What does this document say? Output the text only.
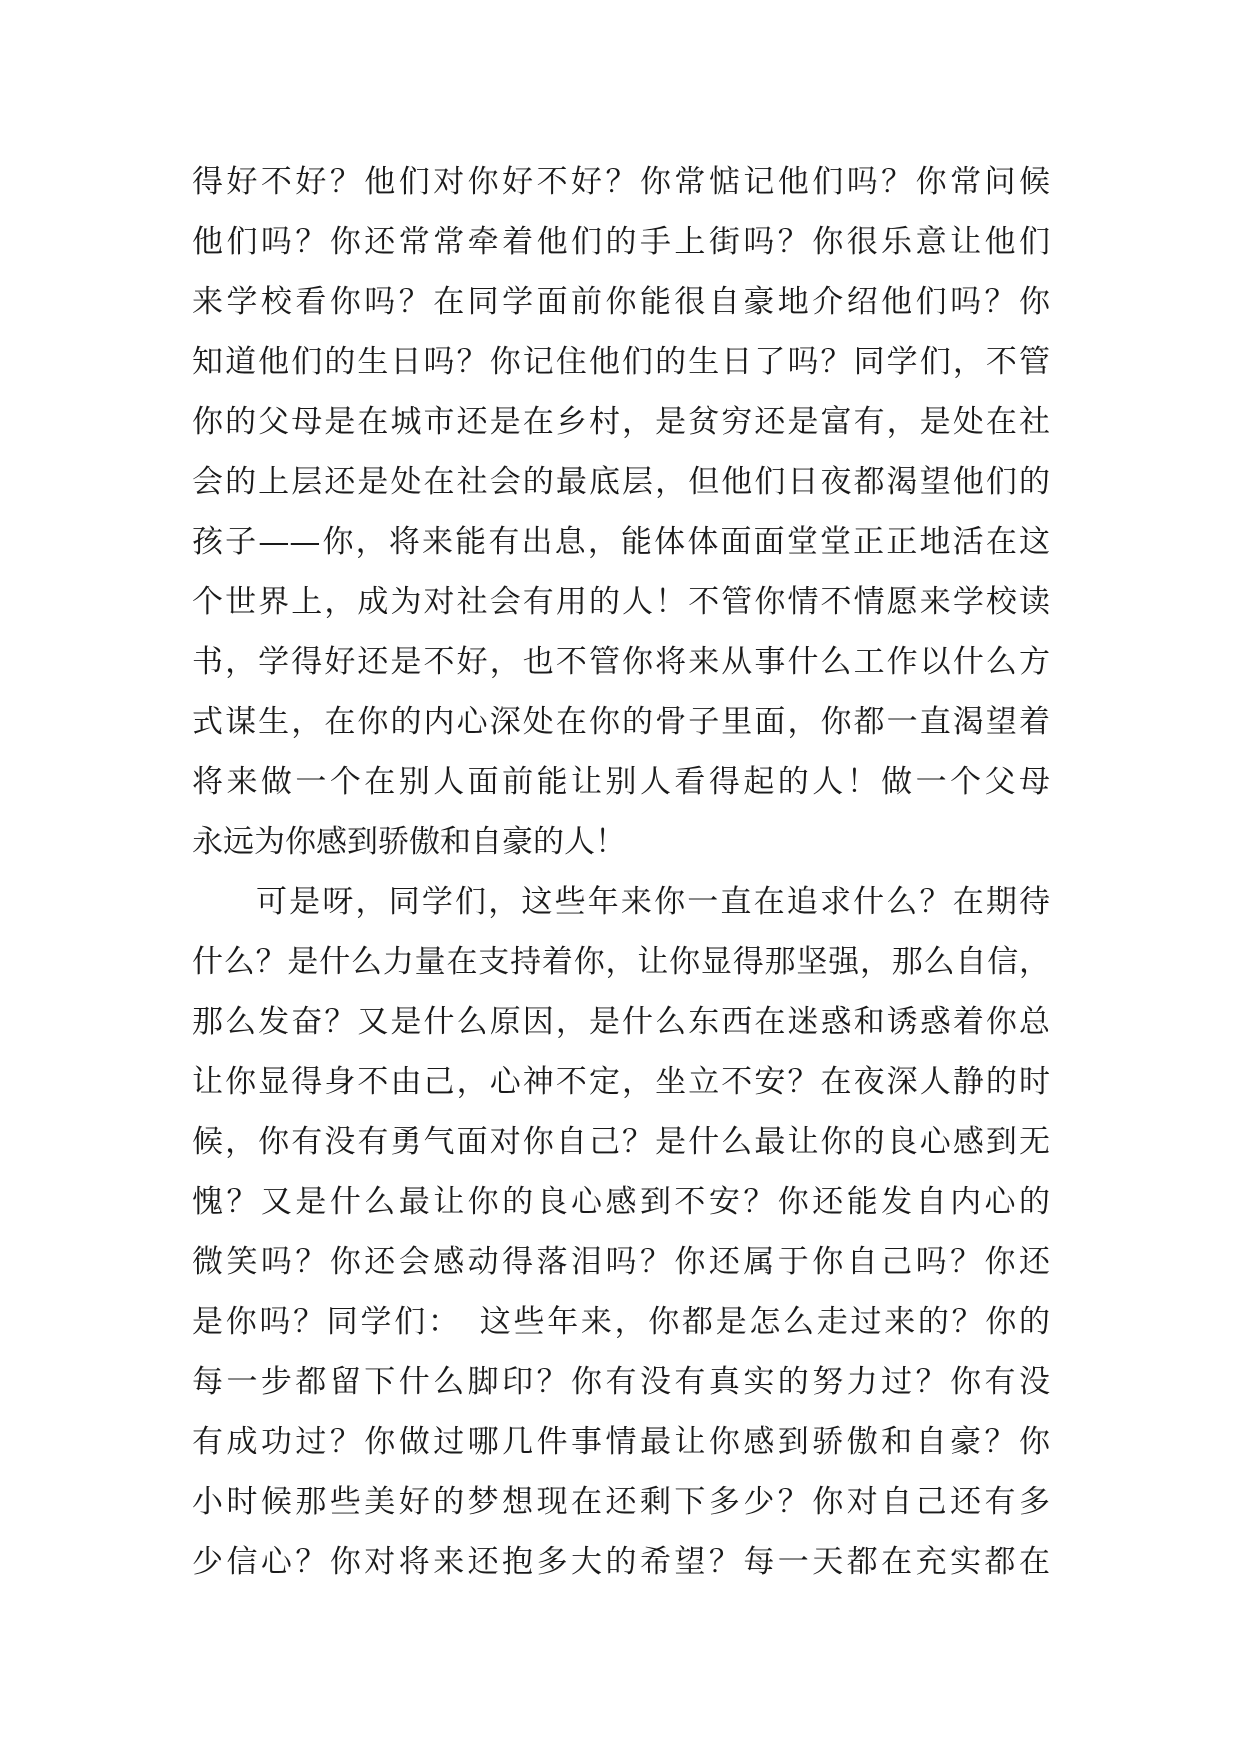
得好不好？他们对你好不好？你常惦记他们吗？你常问候
他们吗？你还常常牵着他们的手上街吗？你很乐意让他们
来学校看你吗？在同学面前你能很自豪地介绍他们吗？你
知道他们的生日吗？你记住他们的生日了吗？同学们，不管
你的父母是在城市还是在乡村，是贫穷还是富有，是处在社
会的上层还是处在社会的最底层，但他们日夜都渴望他们的
孩子——你，将来能有出息，能体体面面堂堂正正地活在这
个世界上，成为对社会有用的人！不管你情不情愿来学校读
书，学得好还是不好，也不管你将来从事什么工作以什么方
式谋生，在你的内心深处在你的骨子里面，你都一直渴望着
将来做一个在别人面前能让别人看得起的人！做一个父母
永远为你感到骄傲和自豪的人！
可是呀，同学们，这些年来你一直在追求什么？在期待
什么？是什么力量在支持着你，让你显得那坚强，那么自信，
那么发奋？又是什么原因，是什么东西在迷惑和诱惑着你总
让你显得身不由己，心神不定，坐立不安？在夜深人静的时
候，你有没有勇气面对你自己？是什么最让你的良心感到无
愧？又是什么最让你的良心感到不安？你还能发自内心的
微笑吗？你还会感动得落泪吗？你还属于你自己吗？你还
是你吗？同学们：　这些年来，你都是怎么走过来的？你的
每一步都留下什么脚印？你有没有真实的努力过？你有没
有成功过？你做过哪几件事情最让你感到骄傲和自豪？你
小时候那些美好的梦想现在还剩下多少？你对自己还有多
少信心？你对将来还抱多大的希望？每一天都在充实都在
